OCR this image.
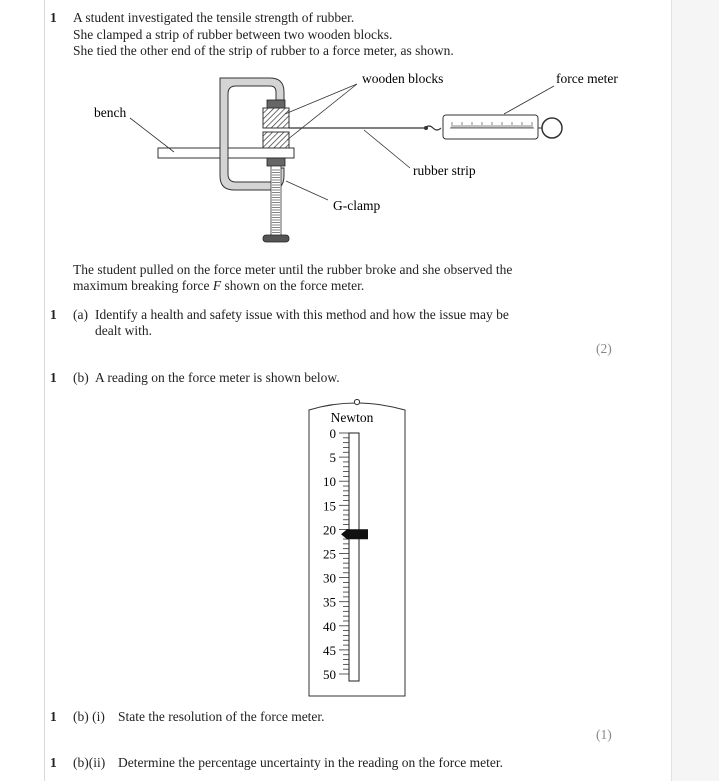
1 A student investigated the tensile strength of rubber.
She clamped a strip of rubber between two wooden blocks.
She tied the other end of the strip of rubber to a force meter, as shown.
wooden blocks	force meter
bench
rubber strip
G-clamp
The student pulled on the force meter until the rubber broke and she observed the
maximum breaking force F shown on the force meter.
1 (a) Identify a health and safety issue with this method and how the issue may be
dealt with.
(2)
1 (b) A reading on the force meter is shown below.
Newton
0
5
10
15
20
25
30
35
40
45
50
1 (b) (i) State the resolution of the force meter.
(1)
1 (b)(ii) Determine the percentage uncertainty in the reading on the force meter.
